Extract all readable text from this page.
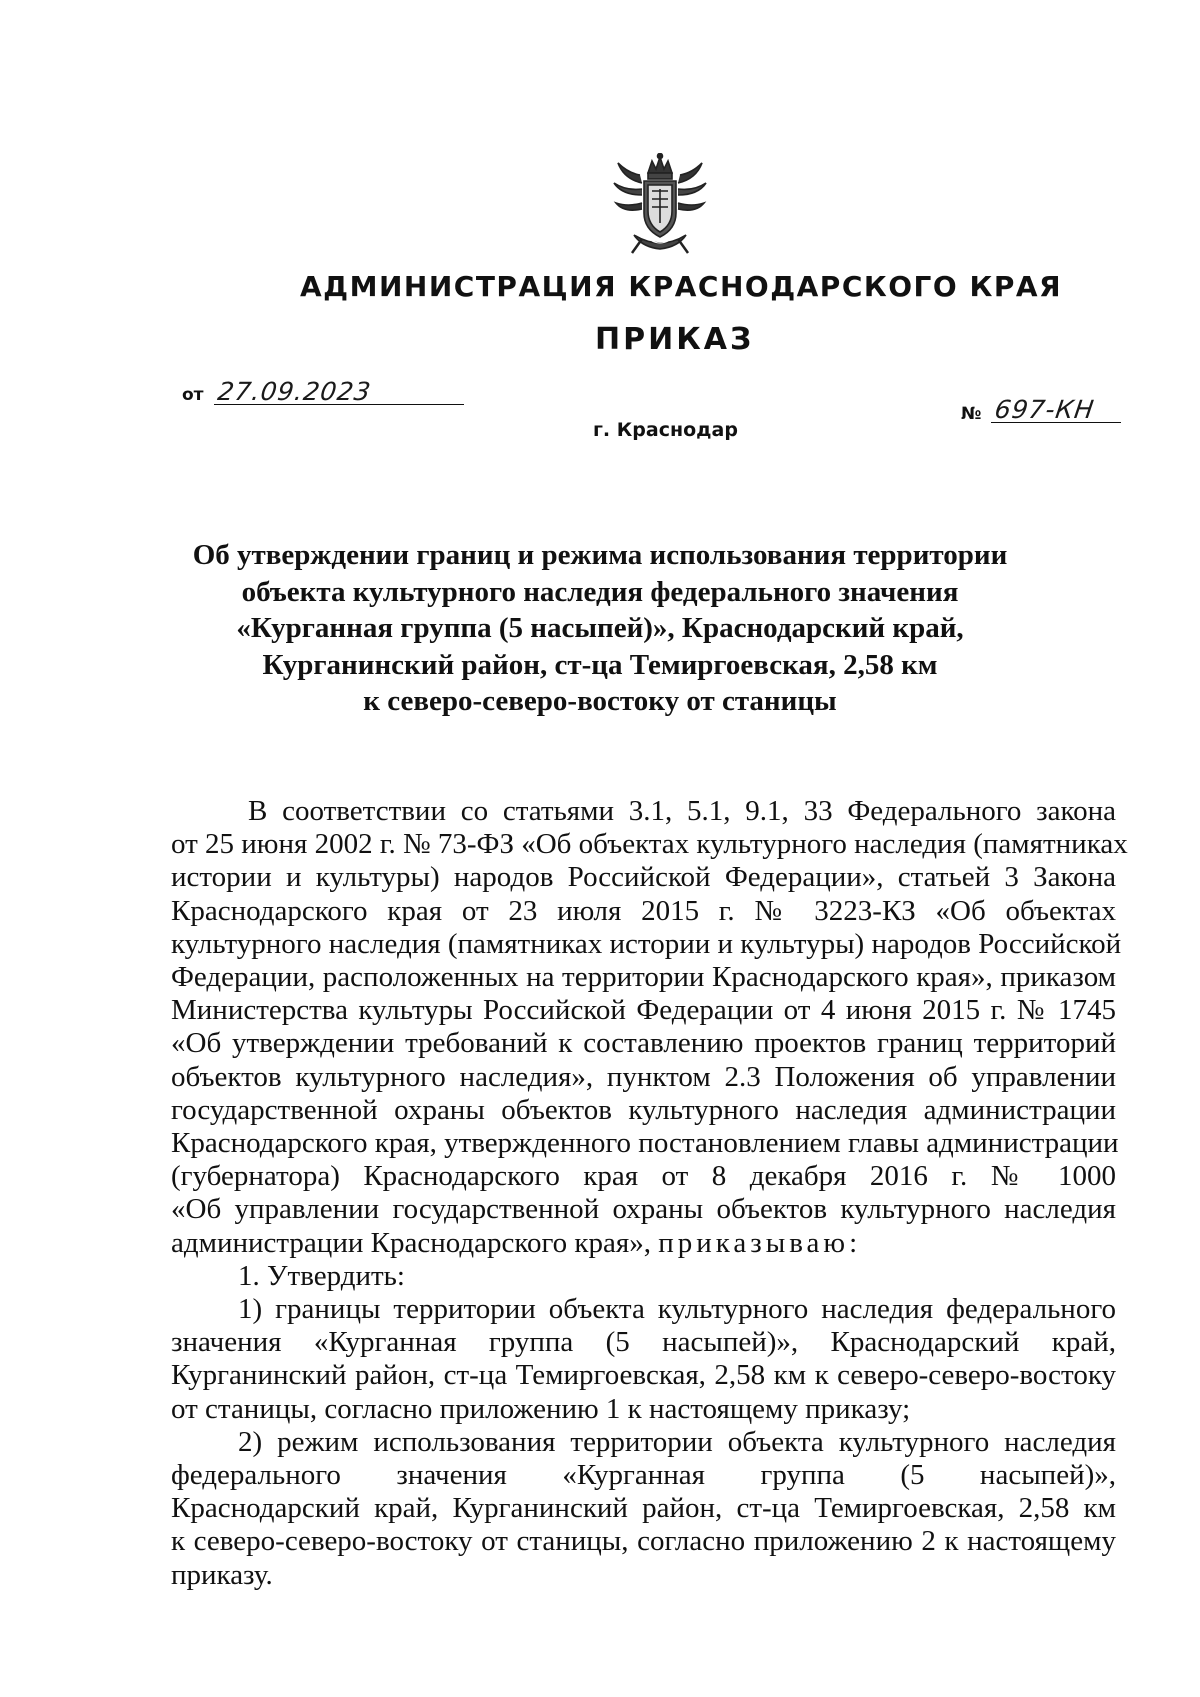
АДМИНИСТРАЦИЯ КРАСНОДАРСКОГО КРАЯ
ПРИКАЗ
от 27.09.2023
г. Краснодар
№ 697-КН
Об утверждении границ и режима использования территории
объекта культурного наследия федерального значения
«Курганная группа (5 насыпей)», Краснодарский край,
Курганинский район, ст-ца Темиргоевская, 2,58 км
к северо-северо-востоку от станицы
В соответствии со статьями 3.1, 5.1, 9.1, 33 Федерального закона
от 25 июня 2002 г. № 73-ФЗ «Об объектах культурного наследия (памятниках
истории и культуры) народов Российской Федерации», статьей 3 Закона
Краснодарского края от 23 июля 2015 г. № 3223-КЗ «Об объектах
культурного наследия (памятниках истории и культуры) народов Российской
Федерации, расположенных на территории Краснодарского края», приказом
Министерства культуры Российской Федерации от 4 июня 2015 г. № 1745
«Об утверждении требований к составлению проектов границ территорий
объектов культурного наследия», пунктом 2.3 Положения об управлении
государственной охраны объектов культурного наследия администрации
Краснодарского края, утвержденного постановлением главы администрации
(губернатора) Краснодарского края от 8 декабря 2016 г. № 1000
«Об управлении государственной охраны объектов культурного наследия
администрации Краснодарского края», приказываю:
1. Утвердить:
1) границы территории объекта культурного наследия федерального
значения «Курганная группа (5 насыпей)», Краснодарский край,
Курганинский район, ст-ца Темиргоевская, 2,58 км к северо-северо-востоку
от станицы, согласно приложению 1 к настоящему приказу;
2) режим использования территории объекта культурного наследия
федерального значения «Курганная группа (5 насыпей)»,
Краснодарский край, Курганинский район, ст-ца Темиргоевская, 2,58 км
к северо-северо-востоку от станицы, согласно приложению 2 к настоящему
приказу.
